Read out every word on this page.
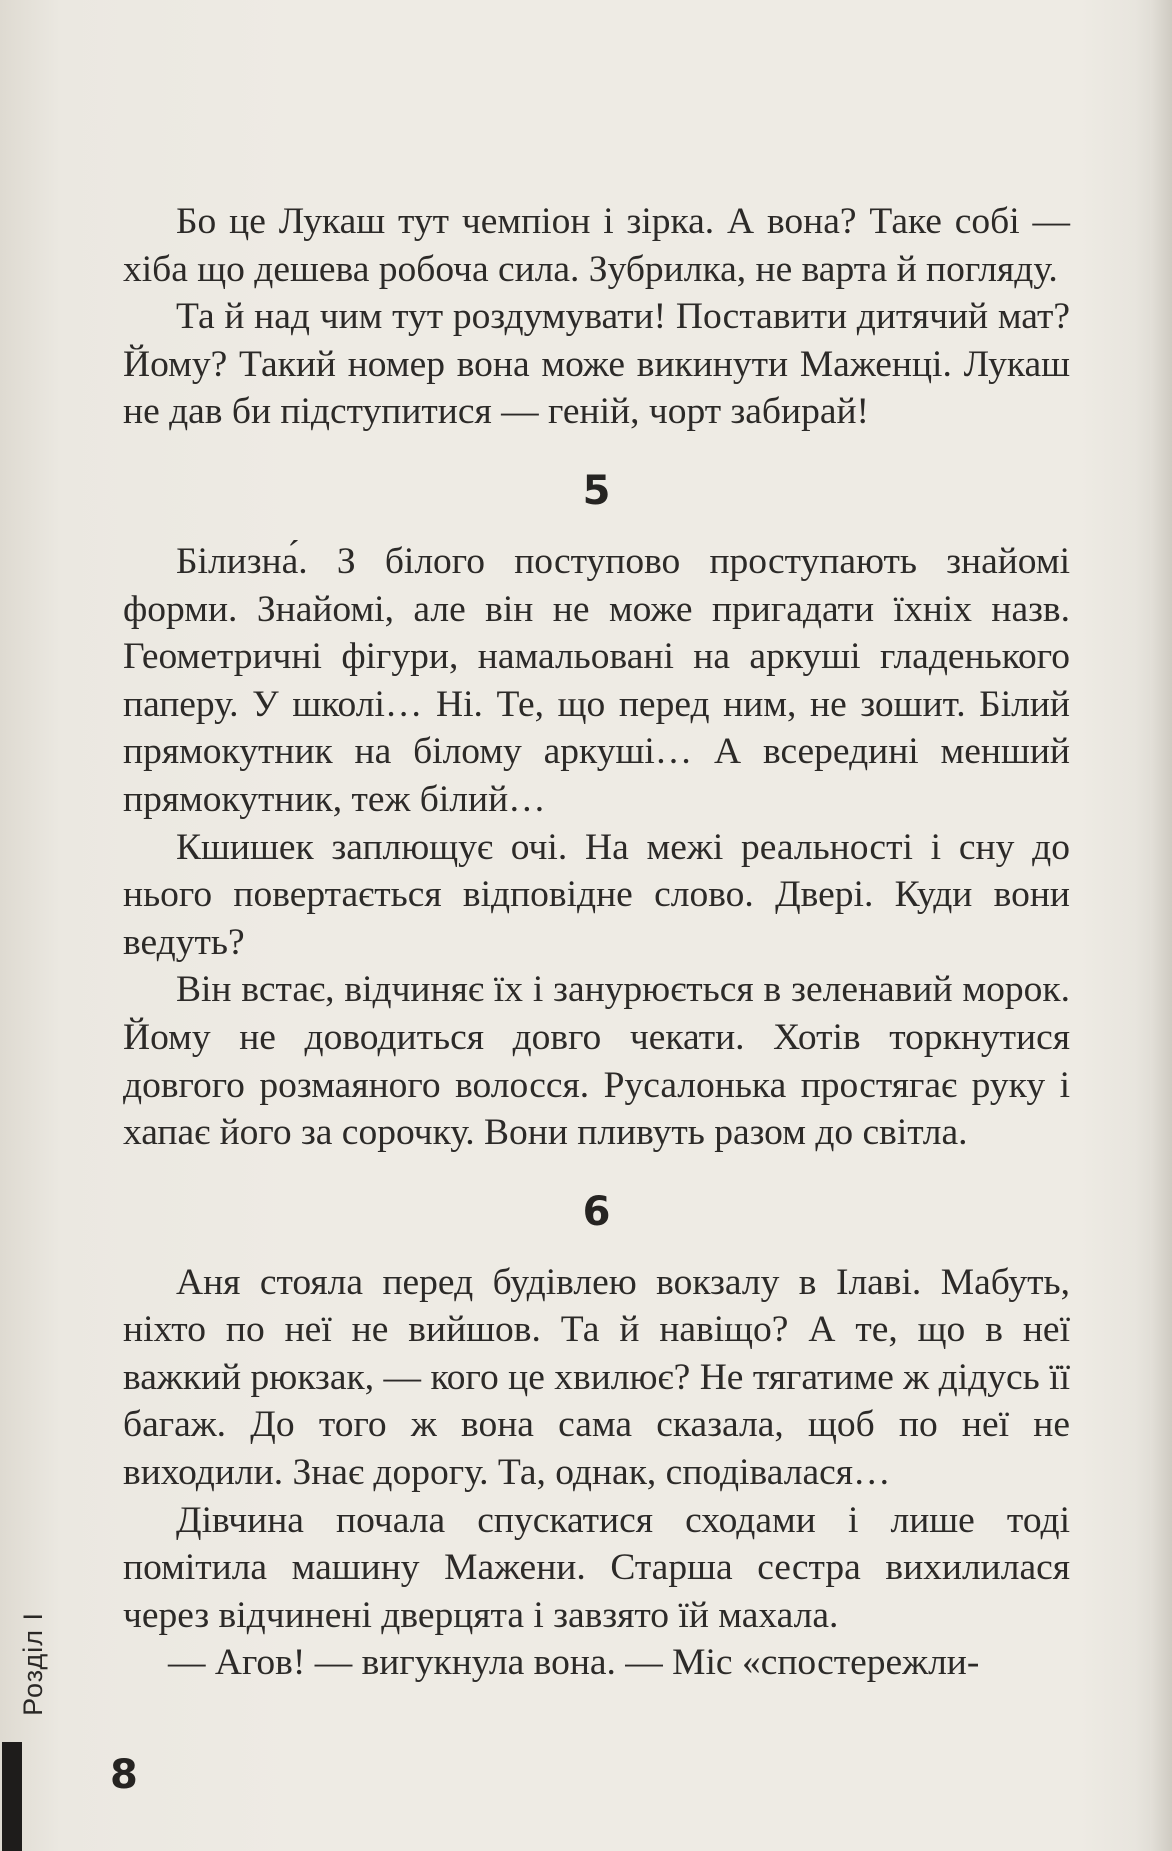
Бо це Лукаш тут чемпіон і зірка. А вона? Таке собі — хіба що дешева робоча сила. Зубрилка, не варта й погляду.

Та й над чим тут роздумувати! Поставити дитячий мат? Йому? Такий номер вона може викинути Маженці. Лукаш не дав би підступитися — геній, чорт забирай!

5

Білизна́. З білого поступово проступають знайомі форми. Знайомі, але він не може пригадати їхніх назв. Геометричні фігури, намальовані на аркуші гладенького паперу. У школі… Ні. Те, що перед ним, не зошит. Білий прямокутник на білому аркуші… А всередині менший прямокутник, теж білий…

Кшишек заплющує очі. На межі реальності і сну до нього повертається відповідне слово. Двері. Куди вони ведуть?

Він встає, відчиняє їх і занурюється в зеленавий морок. Йому не доводиться довго чекати. Хотів торкнутися довгого розмаяного волосся. Русалонька простягає руку і хапає його за сорочку. Вони пливуть разом до світла.

6

Аня стояла перед будівлею вокзалу в Ілаві. Мабуть, ніхто по неї не вийшов. Та й навіщо? А те, що в неї важкий рюкзак, — кого це хвилює? Не тягатиме ж дідусь її багаж. До того ж вона сама сказала, щоб по неї не виходили. Знає дорогу. Та, однак, сподівалася…

Дівчина почала спускатися сходами і лише тоді помітила машину Мажени. Старша сестра вихилилася через відчинені дверцята і завзято їй махала.

— Агов! — вигукнула вона. — Міс «спостережли-

Розділ I
8
